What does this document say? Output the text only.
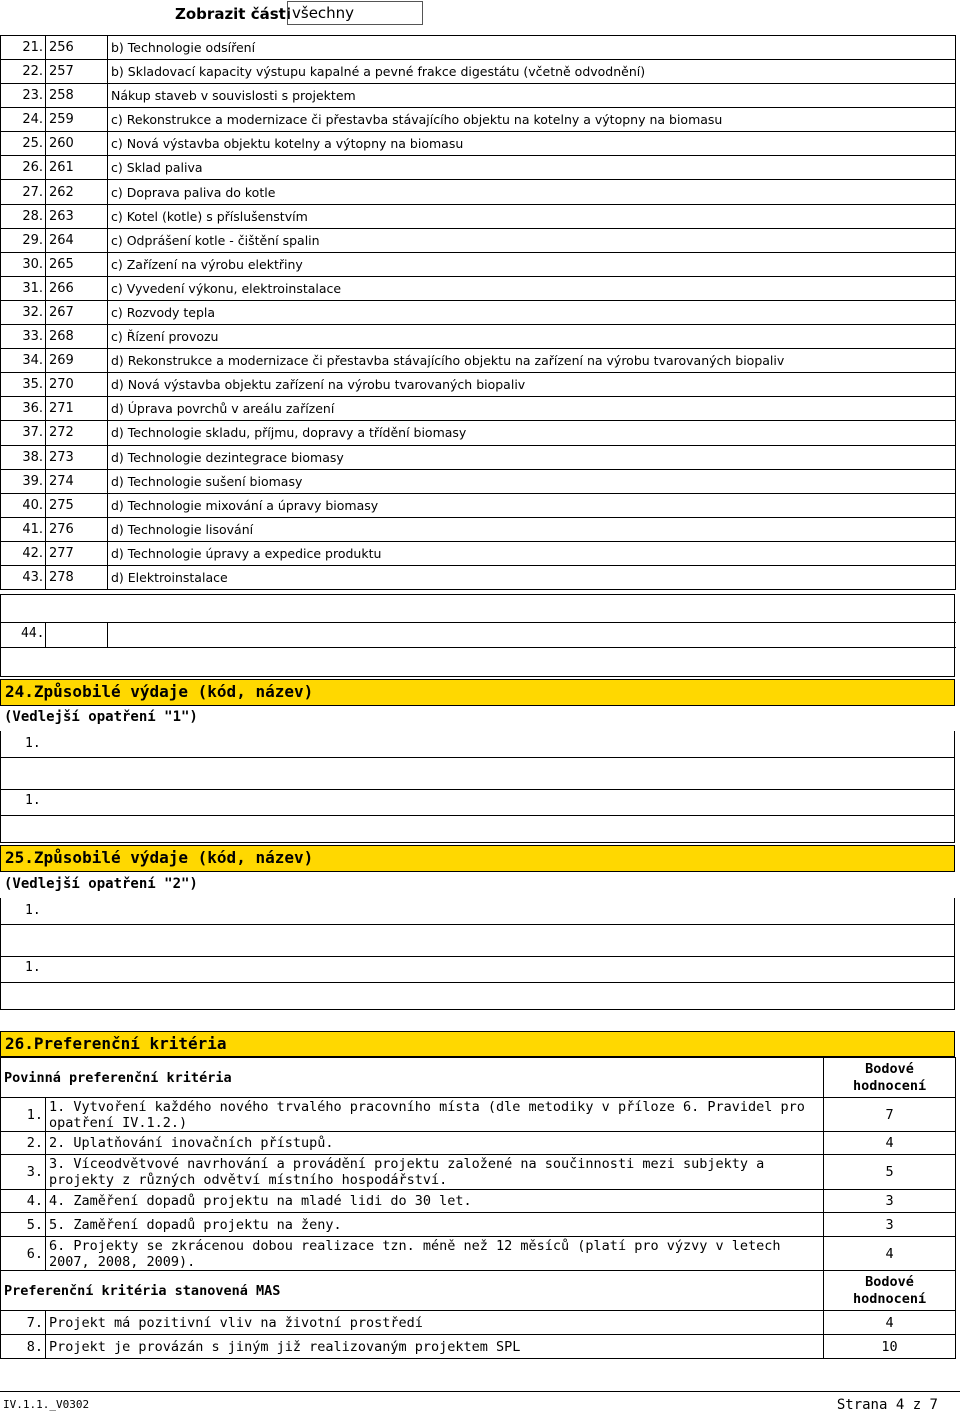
Zobrazit části všechny
21.	256	b) Technologie odsíření
22.	257	b) Skladovací kapacity výstupu kapalné a pevné frakce digestátu (včetně odvodnění)
23.	258	Nákup staveb v souvislosti s projektem
24.	259	c) Rekonstrukce a modernizace či přestavba stávajícího objektu na kotelny a výtopny na biomasu
25.	260	c) Nová výstavba objektu kotelny a výtopny na biomasu
26.	261	c) Sklad paliva
27.	262	c) Doprava paliva do kotle
28.	263	c) Kotel (kotle) s příslušenstvím
29.	264	c) Odprášení kotle - čištění spalin
30.	265	c) Zařízení na výrobu elektřiny
31.	266	c) Vyvedení výkonu, elektroinstalace
32.	267	c) Rozvody tepla
33.	268	c) Řízení provozu
34.	269	d) Rekonstrukce a modernizace či přestavba stávajícího objektu na zařízení na výrobu tvarovaných biopaliv
35.	270	d) Nová výstavba objektu zařízení na výrobu tvarovaných biopaliv
36.	271	d) Úprava povrchů v areálu zařízení
37.	272	d) Technologie skladu, příjmu, dopravy a třídění biomasy
38.	273	d) Technologie dezintegrace biomasy
39.	274	d) Technologie sušení biomasy
40.	275	d) Technologie mixování a úpravy biomasy
41.	276	d) Technologie lisování
42.	277	d) Technologie úpravy a expedice produktu
43.	278	d) Elektroinstalace
44.
24.Způsobilé výdaje (kód, název)
(Vedlejší opatření "1")
1.
1.
25.Způsobilé výdaje (kód, název)
(Vedlejší opatření "2")
1.
1.
26.Preferenční kritéria
Povinná preferenční kritéria		Bodové hodnocení
1.	1. Vytvoření každého nového trvalého pracovního místa (dle metodiky v příloze 6. Pravidel pro opatření IV.1.2.)	7
2.	2. Uplatňování inovačních přístupů.	4
3.	3. Víceodvětvové navrhování a provádění projektu založené na součinnosti mezi subjekty a projekty z různých odvětví místního hospodářství.	5
4.	4. Zaměření dopadů projektu na mladé lidi do 30 let.	3
5.	5. Zaměření dopadů projektu na ženy.	3
6.	6. Projekty se zkrácenou dobou realizace tzn. méně než 12 měsíců (platí pro výzvy v letech 2007, 2008, 2009).	4
Preferenční kritéria stanovená MAS		Bodové hodnocení
7.	Projekt má pozitivní vliv na životní prostředí	4
8.	Projekt je provázán s jiným již realizovaným projektem SPL	10
IV.1.1._V0302	Strana 4 z 7
